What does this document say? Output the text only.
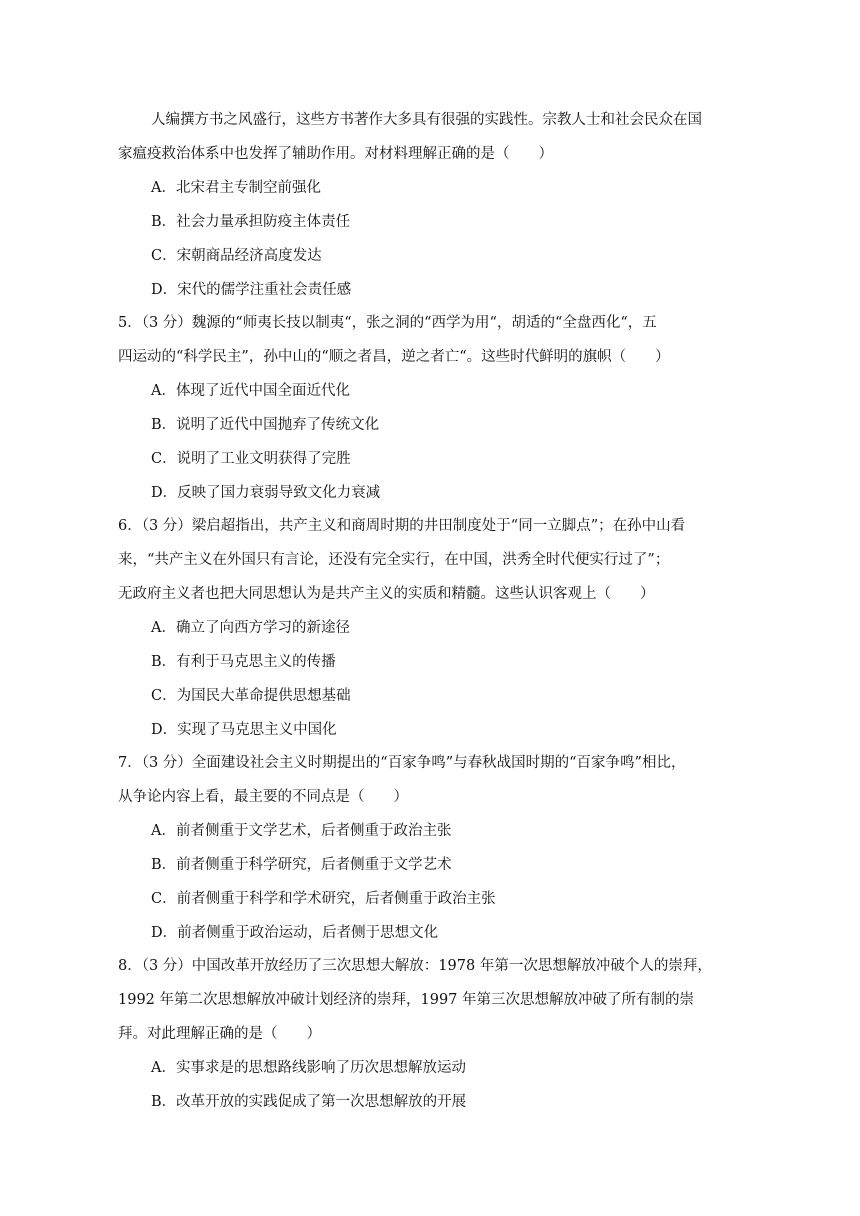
人编撰方书之风盛行，这些方书著作大多具有很强的实践性。宗教人士和社会民众在国
家瘟疫救治体系中也发挥了辅助作用。对材料理解正确的是（　　）
A．北宋君主专制空前强化
B．社会力量承担防疫主体责任
C．宋朝商品经济高度发达
D．宋代的儒学注重社会责任感
5．（3 分）魏源的“师夷长技以制夷“，张之洞的“西学为用“，胡适的“全盘西化“，五
四运动的“科学民主”，孙中山的“顺之者昌，逆之者亡“。这些时代鲜明的旗帜（　　）
A．体现了近代中国全面近代化
B．说明了近代中国抛弃了传统文化
C．说明了工业文明获得了完胜
D．反映了国力衰弱导致文化力衰减
6．（3 分）梁启超指出，共产主义和商周时期的井田制度处于“同一立脚点”；在孙中山看
来，“共产主义在外国只有言论，还没有完全实行，在中国，洪秀全时代便实行过了”；
无政府主义者也把大同思想认为是共产主义的实质和精髓。这些认识客观上（　　）
A．确立了向西方学习的新途径
B．有利于马克思主义的传播
C．为国民大革命提供思想基础
D．实现了马克思主义中国化
7．（3 分）全面建设社会主义时期提出的“百家争鸣”与春秋战国时期的“百家争鸣”相比，
从争论内容上看，最主要的不同点是（　　）
A．前者侧重于文学艺术，后者侧重于政治主张
B．前者侧重于科学研究，后者侧重于文学艺术
C．前者侧重于科学和学术研究，后者侧重于政治主张
D．前者侧重于政治运动，后者侧于思想文化
8．（3 分）中国改革开放经历了三次思想大解放：1978 年第一次思想解放冲破个人的崇拜，
1992 年第二次思想解放冲破计划经济的崇拜，1997 年第三次思想解放冲破了所有制的崇
拜。对此理解正确的是（　　）
A．实事求是的思想路线影响了历次思想解放运动
B．改革开放的实践促成了第一次思想解放的开展
